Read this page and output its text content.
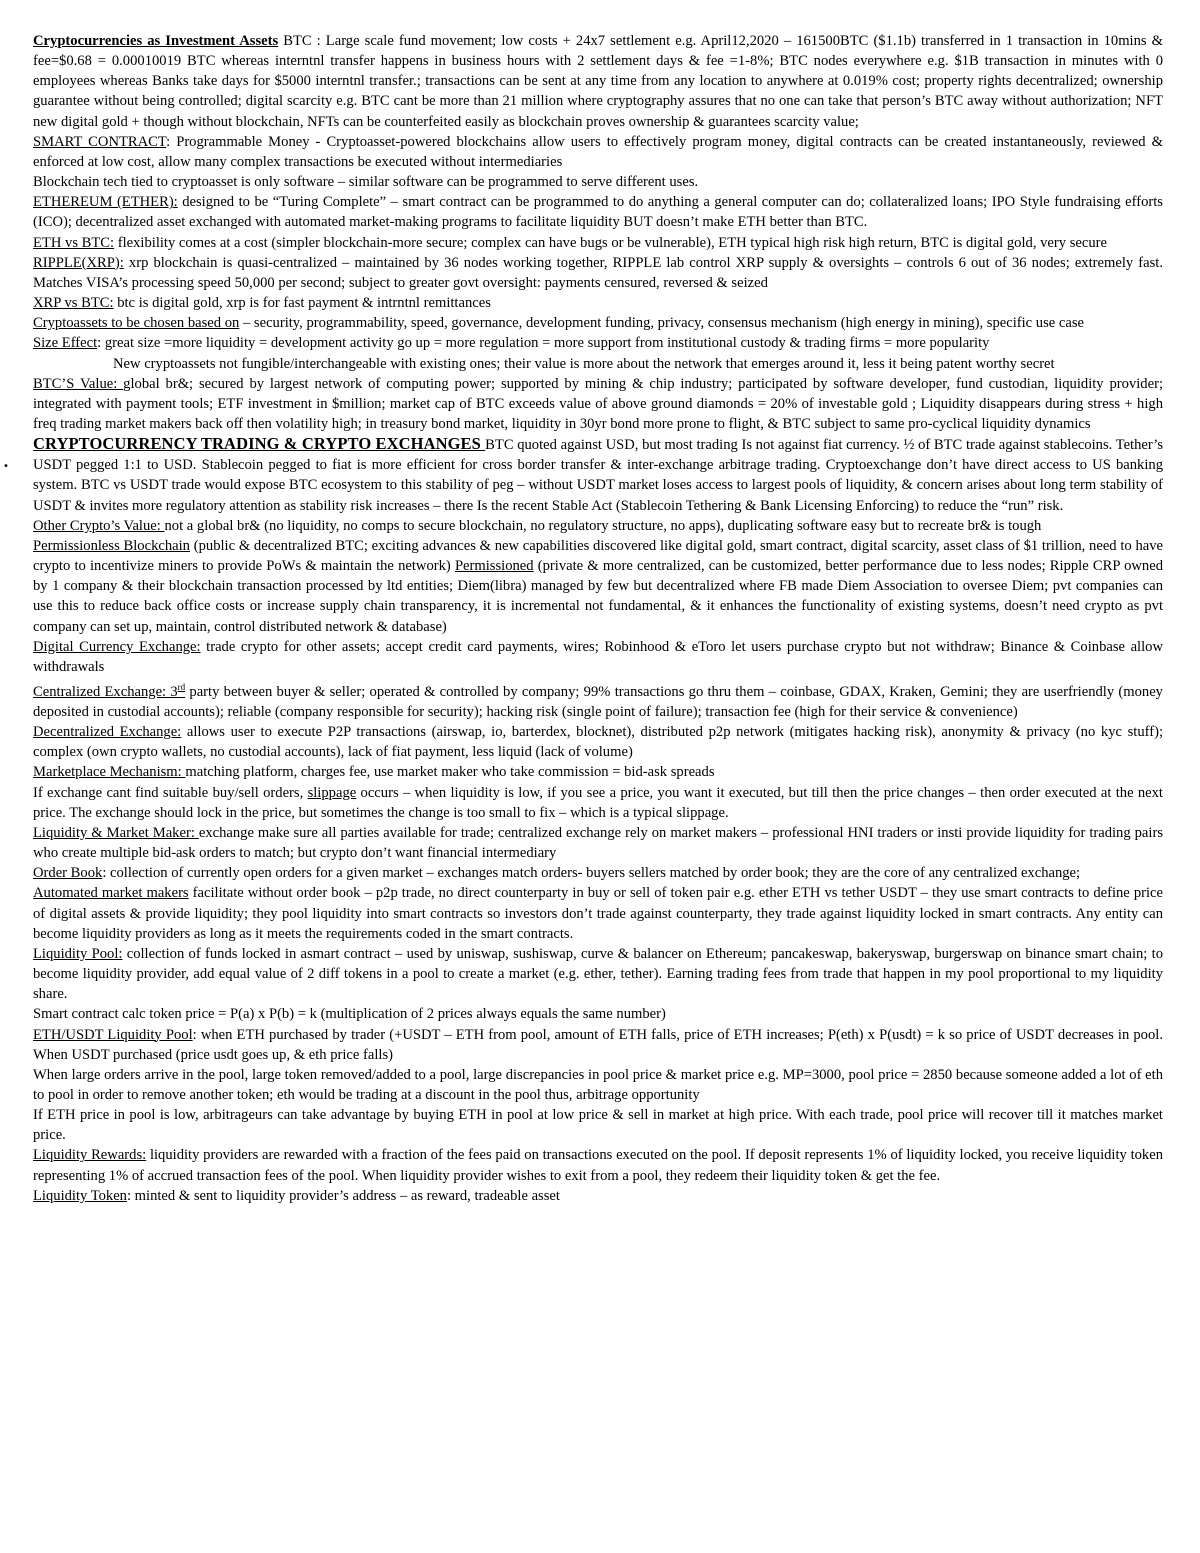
•

Cryptocurrencies as Investment Assets BTC : Large scale fund movement; low costs + 24x7 settlement e.g. April12,2020 – 161500BTC ($1.1b) transferred in 1 transaction in 10mins & fee=$0.68 = 0.00010019 BTC whereas interntnl transfer happens in business hours with 2 settlement days & fee =1-8%; BTC nodes everywhere e.g. $1B transaction in minutes with 0 employees whereas Banks take days for $5000 interntnl transfer.; transactions can be sent at any time from any location to anywhere at 0.019% cost; property rights decentralized; ownership guarantee without being controlled; digital scarcity e.g. BTC cant be more than 21 million where cryptography assures that no one can take that person’s BTC away without authorization; NFT new digital gold + though without blockchain, NFTs can be counterfeited easily as blockchain proves ownership & guarantees scarcity value;

SMART CONTRACT: Programmable Money - Cryptoasset-powered blockchains allow users to effectively program money, digital contracts can be created instantaneously, reviewed & enforced at low cost, allow many complex transactions be executed without intermediaries

Blockchain tech tied to cryptoasset is only software – similar software can be programmed to serve different uses.

ETHEREUM (ETHER): designed to be “Turing Complete” – smart contract can be programmed to do anything a general computer can do; collateralized loans; IPO Style fundraising efforts (ICO); decentralized asset exchanged with automated market-making programs to facilitate liquidity BUT doesn’t make ETH better than BTC.

ETH vs BTC: flexibility comes at a cost (simpler blockchain-more secure; complex can have bugs or be vulnerable), ETH typical high risk high return, BTC is digital gold, very secure

RIPPLE(XRP): xrp blockchain is quasi-centralized – maintained by 36 nodes working together, RIPPLE lab control XRP supply & oversights – controls 6 out of 36 nodes; extremely fast. Matches VISA’s processing speed 50,000 per second; subject to greater govt oversight: payments censured, reversed & seized

XRP vs BTC: btc is digital gold, xrp is for fast payment & intrntnl remittances

Cryptoassets to be chosen based on – security, programmability, speed, governance, development funding, privacy, consensus mechanism (high energy in mining), specific use case

Size Effect: great size =more liquidity = development activity go up = more regulation = more support from institutional custody & trading firms = more popularity

New cryptoassets not fungible/interchangeable with existing ones; their value is more about the network that emerges around it, less it being patent worthy secret

BTC’S Value: global br&; secured by largest network of computing power; supported by mining & chip industry; participated by software developer, fund custodian, liquidity provider; integrated with payment tools; ETF investment in $million; market cap of BTC exceeds value of above ground diamonds = 20% of investable gold ; Liquidity disappears during stress + high freq trading market makers back off then volatility high; in treasury bond market, liquidity in 30yr bond more prone to flight, & BTC subject to same pro-cyclical liquidity dynamics

CRYPTOCURRENCY TRADING & CRYPTO EXCHANGES BTC quoted against USD, but most trading Is not against fiat currency. ½ of BTC trade against stablecoins. Tether’s USDT pegged 1:1 to USD. Stablecoin pegged to fiat is more efficient for cross border transfer & inter-exchange arbitrage trading. Cryptoexchange don’t have direct access to US banking system. BTC vs USDT trade would expose BTC ecosystem to this stability of peg – without USDT market loses access to largest pools of liquidity, & concern arises about long term stability of USDT & invites more regulatory attention as stability risk increases – there Is the recent Stable Act (Stablecoin Tethering & Bank Licensing Enforcing) to reduce the “run” risk.

Other Crypto’s Value: not a global br& (no liquidity, no comps to secure blockchain, no regulatory structure, no apps), duplicating software easy but to recreate br& is tough

Permissionless Blockchain (public & decentralized BTC; exciting advances & new capabilities discovered like digital gold, smart contract, digital scarcity, asset class of $1 trillion, need to have crypto to incentivize miners to provide PoWs & maintain the network) Permissioned (private & more centralized, can be customized, better performance due to less nodes; Ripple CRP owned by 1 company & their blockchain transaction processed by ltd entities; Diem(libra) managed by few but decentralized where FB made Diem Association to oversee Diem; pvt companies can use this to reduce back office costs or increase supply chain transparency, it is incremental not fundamental, & it enhances the functionality of existing systems, doesn’t need crypto as pvt company can set up, maintain, control distributed network & database)

Digital Currency Exchange: trade crypto for other assets; accept credit card payments, wires; Robinhood & eToro let users purchase crypto but not withdraw; Binance & Coinbase allow withdrawals

Centralized Exchange: 3rd party between buyer & seller; operated & controlled by company; 99% transactions go thru them – coinbase, GDAX, Kraken, Gemini; they are userfriendly (money deposited in custodial accounts); reliable (company responsible for security); hacking risk (single point of failure); transaction fee (high for their service & convenience)

Decentralized Exchange: allows user to execute P2P transactions (airswap, io, barterdex, blocknet), distributed p2p network (mitigates hacking risk), anonymity & privacy (no kyc stuff); complex (own crypto wallets, no custodial accounts), lack of fiat payment, less liquid (lack of volume)

Marketplace Mechanism: matching platform, charges fee, use market maker who take commission = bid-ask spreads

If exchange cant find suitable buy/sell orders, slippage occurs – when liquidity is low, if you see a price, you want it executed, but till then the price changes – then order executed at the next price. The exchange should lock in the price, but sometimes the change is too small to fix – which is a typical slippage.

Liquidity & Market Maker: exchange make sure all parties available for trade; centralized exchange rely on market makers – professional HNI traders or insti provide liquidity for trading pairs who create multiple bid-ask orders to match; but crypto don’t want financial intermediary

Order Book: collection of currently open orders for a given market – exchanges match orders- buyers sellers matched by order book; they are the core of any centralized exchange;

Automated market makers facilitate without order book – p2p trade, no direct counterparty in buy or sell of token pair e.g. ether ETH vs tether USDT – they use smart contracts to define price of digital assets & provide liquidity; they pool liquidity into smart contracts so investors don’t trade against counterparty, they trade against liquidity locked in smart contracts. Any entity can become liquidity providers as long as it meets the requirements coded in the smart contracts.

Liquidity Pool: collection of funds locked in asmart contract – used by uniswap, sushiswap, curve & balancer on Ethereum; pancakeswap, bakeryswap, burgerswap on binance smart chain; to become liquidity provider, add equal value of 2 diff tokens in a pool to create a market (e.g. ether, tether). Earning trading fees from trade that happen in my pool proportional to my liquidity share.

Smart contract calc token price = P(a) x P(b) = k (multiplication of 2 prices always equals the same number)

ETH/USDT Liquidity Pool: when ETH purchased by trader (+USDT – ETH from pool, amount of ETH falls, price of ETH increases; P(eth) x P(usdt) = k so price of USDT decreases in pool. When USDT purchased (price usdt goes up, & eth price falls)

When large orders arrive in the pool, large token removed/added to a pool, large discrepancies in pool price & market price e.g. MP=3000, pool price = 2850 because someone added a lot of eth to pool in order to remove another token; eth would be trading at a discount in the pool thus, arbitrage opportunity

If ETH price in pool is low, arbitrageurs can take advantage by buying ETH in pool at low price & sell in market at high price. With each trade, pool price will recover till it matches market price.

Liquidity Rewards: liquidity providers are rewarded with a fraction of the fees paid on transactions executed on the pool. If deposit represents 1% of liquidity locked, you receive liquidity token representing 1% of accrued transaction fees of the pool. When liquidity provider wishes to exit from a pool, they redeem their liquidity token & get the fee.

Liquidity Token: minted & sent to liquidity provider’s address – as reward, tradeable asset
